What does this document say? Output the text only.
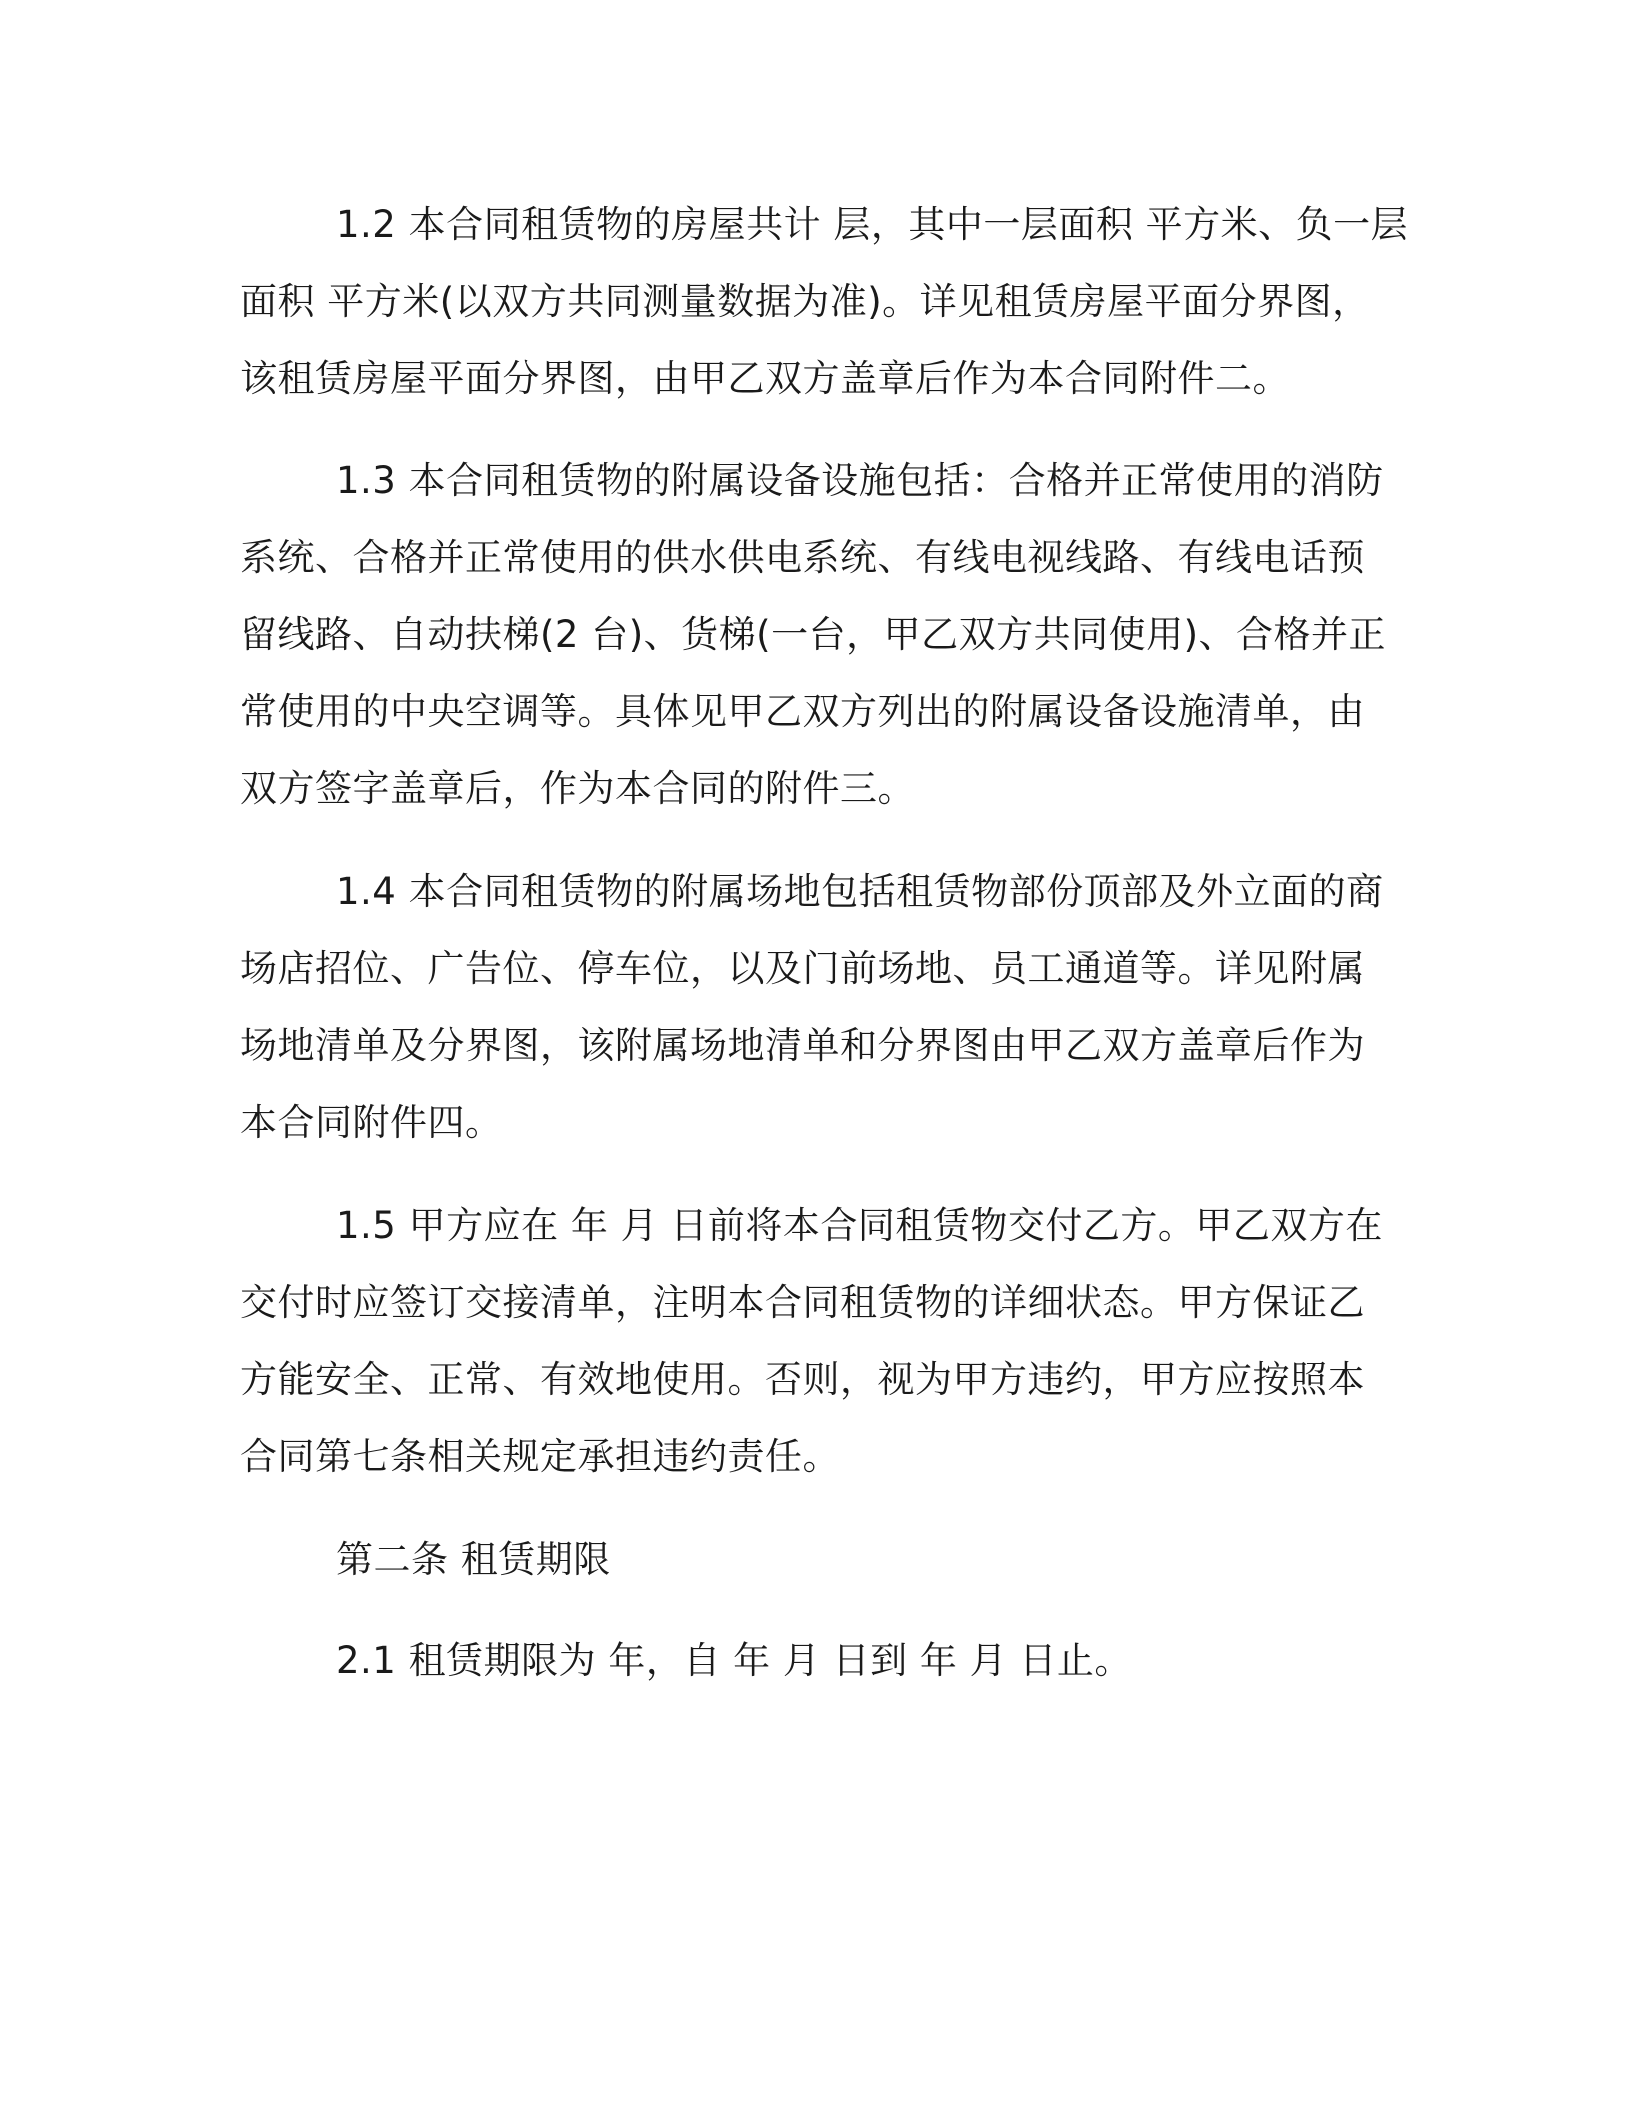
1.2 本合同租赁物的房屋共计 层，其中一层面积 平方米、负一层
面积 平方米(以双方共同测量数据为准)。详见租赁房屋平面分界图，
该租赁房屋平面分界图，由甲乙双方盖章后作为本合同附件二。
1.3 本合同租赁物的附属设备设施包括：合格并正常使用的消防
系统、合格并正常使用的供水供电系统、有线电视线路、有线电话预
留线路、自动扶梯(2 台)、货梯(一台，甲乙双方共同使用)、合格并正
常使用的中央空调等。具体见甲乙双方列出的附属设备设施清单，由
双方签字盖章后，作为本合同的附件三。
1.4 本合同租赁物的附属场地包括租赁物部份顶部及外立面的商
场店招位、广告位、停车位，以及门前场地、员工通道等。详见附属
场地清单及分界图，该附属场地清单和分界图由甲乙双方盖章后作为
本合同附件四。
1.5 甲方应在 年 月 日前将本合同租赁物交付乙方。甲乙双方在
交付时应签订交接清单，注明本合同租赁物的详细状态。甲方保证乙
方能安全、正常、有效地使用。否则，视为甲方违约，甲方应按照本
合同第七条相关规定承担违约责任。
第二条 租赁期限
2.1 租赁期限为 年，自 年 月 日到 年 月 日止。
